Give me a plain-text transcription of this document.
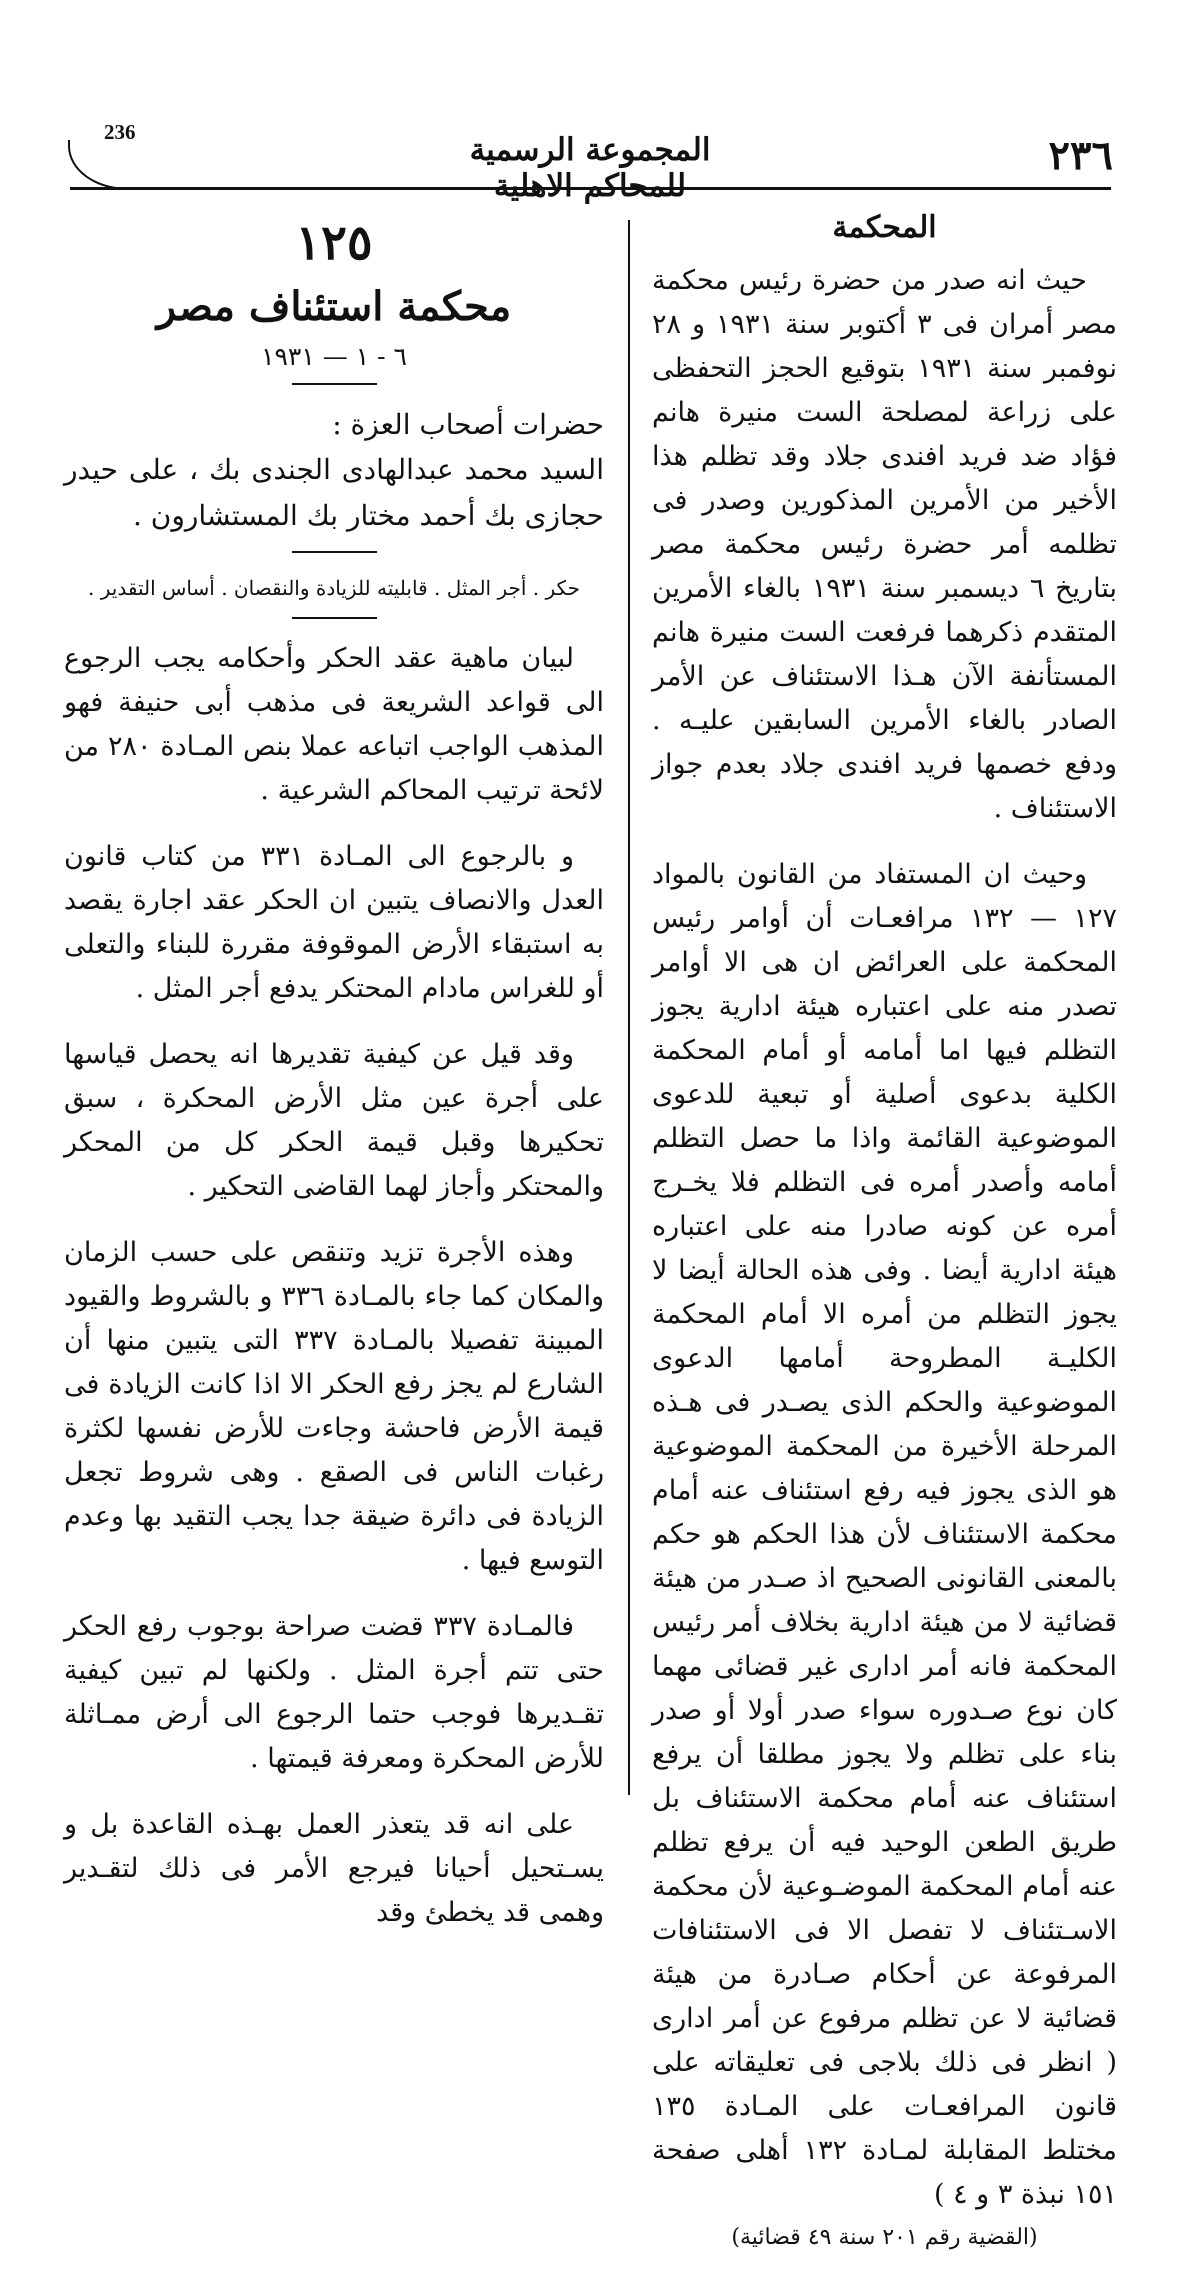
236	المجموعة الرسمية للمحاكم الاهلية
٢٣٦

المحكمة

حيث انه صدر من حضرة رئيس محكمة مصر أمران فى ٣ أكتوبر سنة ١٩٣١ و ٢٨ نوفمبر سنة ١٩٣١ بتوقيع الحجز التحفظى على زراعة لمصلحة الست منيرة هانم فؤاد ضد فريد افندى جلاد وقد تظلم هذا الأخير من الأمرين المذكورين وصدر فى تظلمه أمر حضرة رئيس محكمة مصر بتاريخ ٦ ديسمبر سنة ١٩٣١ بالغاء الأمرين المتقدم ذكرهما فرفعت الست منيرة هانم المستأنفة الآن هـذا الاستئناف عن الأمر الصادر بالغاء الأمرين السابقين عليـه . ودفع خصمها فريد افندى جلاد بعدم جواز الاستئناف .

وحيث ان المستفاد من القانون بالمواد ١٢٧ — ١٣٢ مرافعـات أن أوامر رئيس المحكمة على العرائض ان هى الا أوامر تصدر منه على اعتباره هيئة ادارية يجوز التظلم فيها اما أمامه أو أمام المحكمة الكلية بدعوى أصلية أو تبعية للدعوى الموضوعية القائمة واذا ما حصل التظلم أمامه وأصدر أمره فى التظلم فلا يخـرج أمره عن كونه صادرا منه على اعتباره هيئة ادارية أيضا . وفى هذه الحالة أيضا لا يجوز التظلم من أمره الا أمام المحكمة الكليـة المطروحة أمامها الدعوى الموضوعية والحكم الذى يصـدر فى هـذه المرحلة الأخيرة من المحكمة الموضوعية هو الذى يجوز فيه رفع استئناف عنه أمام محكمة الاستئناف لأن هذا الحكم هو حكم بالمعنى القانونى الصحيح اذ صـدر من هيئة قضائية لا من هيئة ادارية بخلاف أمر رئيس المحكمة فانه أمر ادارى غير قضائى مهما كان نوع صـدوره سواء صدر أولا أو صدر بناء على تظلم ولا يجوز مطلقا أن يرفع استئناف عنه أمام محكمة الاستئناف بل طريق الطعن الوحيد فيه أن يرفع تظلم عنه أمام المحكمة الموضـوعية لأن محكمة الاسـتئناف لا تفصل الا فى الاستئنافات المرفوعة عن أحكام صـادرة من هيئة قضائية لا عن تظلم مرفوع عن أمر ادارى ( انظر فى ذلك بلاجى فى تعليقاته على قانون المرافعـات على المـادة ١٣٥ مختلط المقابلة لمـادة ١٣٢ أهلى صفحة ١٥١ نبذة ٣ و ٤ )

(القضية رقم ٢٠١ سنة ٤٩ قضائية)

١٢٥

محكمة استئناف مصر

٦ - ١ — ١٩٣١

حضرات أصحاب العزة :

السيد محمد عبدالهادى الجندى بك ، على حيدر حجازى بك أحمد مختار بك المستشارون .

حكر . أجر المثل . قابليته للزيادة والنقصان . أساس التقدير .

لبيان ماهية عقد الحكر وأحكامه يجب الرجوع الى قواعد الشريعة فى مذهب أبى حنيفة فهو المذهب الواجب اتباعه عملا بنص المـادة ٢٨٠ من لائحة ترتيب المحاكم الشرعية .

و بالرجوع الى المـادة ٣٣١ من كتاب قانون العدل والانصاف يتبين ان الحكر عقد اجارة يقصد به استبقاء الأرض الموقوفة مقررة للبناء والتعلى أو للغراس مادام المحتكر يدفع أجر المثل .

وقد قيل عن كيفية تقديرها انه يحصل قياسها على أجرة عين مثل الأرض المحكرة ، سبق تحكيرها وقبل قيمة الحكر كل من المحكر والمحتكر وأجاز لهما القاضى التحكير .

وهذه الأجرة تزيد وتنقص على حسب الزمان والمكان كما جاء بالمـادة ٣٣٦ و بالشروط والقيود المبينة تفصيلا بالمـادة ٣٣٧ التى يتبين منها أن الشارع لم يجز رفع الحكر الا اذا كانت الزيادة فى قيمة الأرض فاحشة وجاءت للأرض نفسها لكثرة رغبات الناس فى الصقع . وهى شروط تجعل الزيادة فى دائرة ضيقة جدا يجب التقيد بها وعدم التوسع فيها .

فالمـادة ٣٣٧ قضت صراحة بوجوب رفع الحكر حتى تتم أجرة المثل . ولكنها لم تبين كيفية تقـديرها فوجب حتما الرجوع الى أرض ممـاثلة للأرض المحكرة ومعرفة قيمتها .

على انه قد يتعذر العمل بهـذه القاعدة بل و يسـتحيل أحيانا فيرجع الأمر فى ذلك لتقـدير وهمى قد يخطئ وقد
